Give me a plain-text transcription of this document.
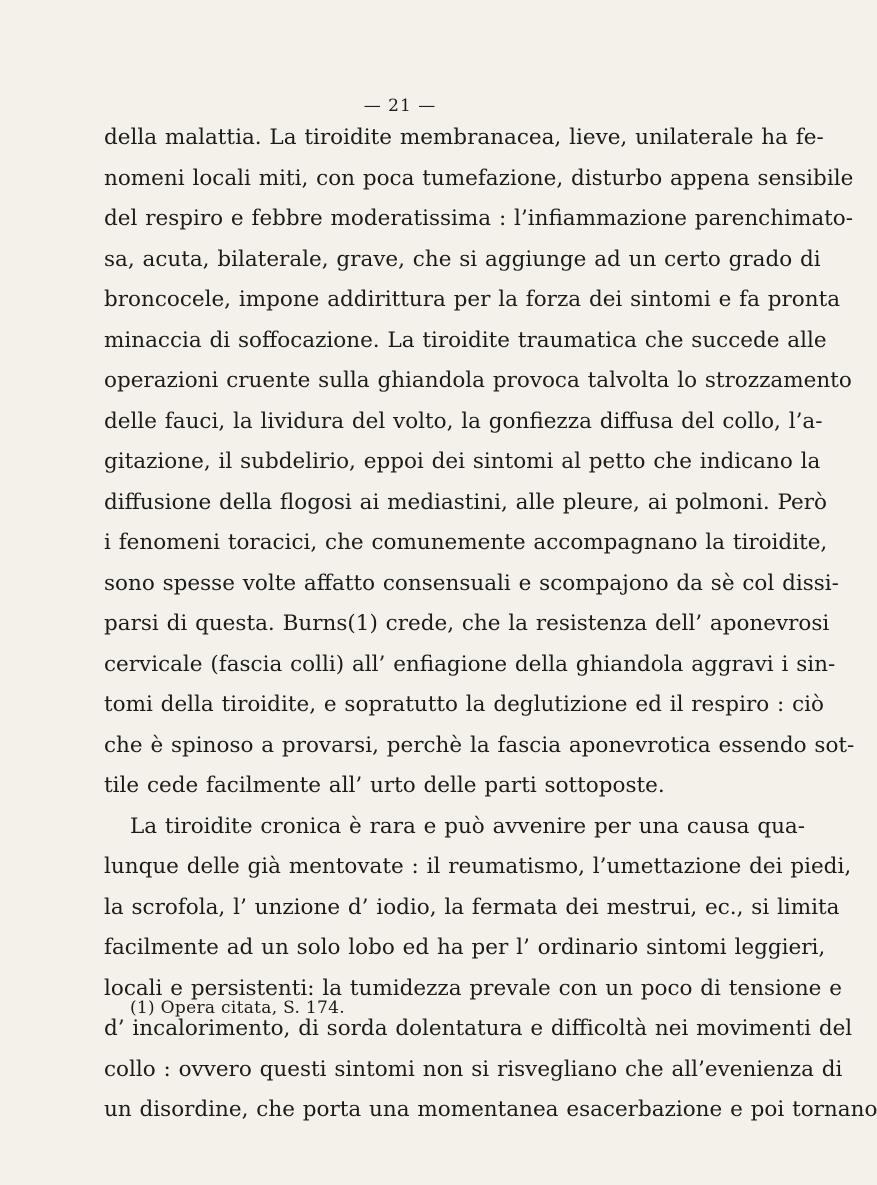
— 21 —
della malattia. La tiroidite membranacea, lieve, unilaterale ha fe-
nomeni locali miti, con poca tumefazione, disturbo appena sensibile
del respiro e febbre moderatissima : l’infiammazione parenchimato-
sa, acuta, bilaterale, grave, che si aggiunge ad un certo grado di
broncocele, impone addirittura per la forza dei sintomi e fa pronta
minaccia di soffocazione. La tiroidite traumatica che succede alle
operazioni cruente sulla ghiandola provoca talvolta lo strozzamento
delle fauci, la lividura del volto, la gonfiezza diffusa del collo, l’a-
gitazione, il subdelirio, eppoi dei sintomi al petto che indicano la
diffusione della flogosi ai mediastini, alle pleure, ai polmoni. Però
i fenomeni toracici, che comunemente accompagnano la tiroidite,
sono spesse volte affatto consensuali e scompajono da sè col dissi-
parsi di questa. Burns(1) crede, che la resistenza dell’ aponevrosi
cervicale (fascia colli) all’ enfiagione della ghiandola aggravi i sin-
tomi della tiroidite, e sopratutto la deglutizione ed il respiro : ciò
che è spinoso a provarsi, perchè la fascia aponevrotica essendo sot-
tile cede facilmente all’ urto delle parti sottoposte.
La tiroidite cronica è rara e può avvenire per una causa qua-
lunque delle già mentovate : il reumatismo, l’umettazione dei piedi,
la scrofola, l’ unzione d’ iodio, la fermata dei mestrui, ec., si limita
facilmente ad un solo lobo ed ha per l’ ordinario sintomi leggieri,
locali e persistenti: la tumidezza prevale con un poco di tensione e
d’ incalorimento, di sorda dolentatura e difficoltà nei movimenti del
collo : ovvero questi sintomi non si risvegliano che all’evenienza di
un disordine, che porta una momentanea esacerbazione e poi tornano
(1) Opera citata, S. 174.
